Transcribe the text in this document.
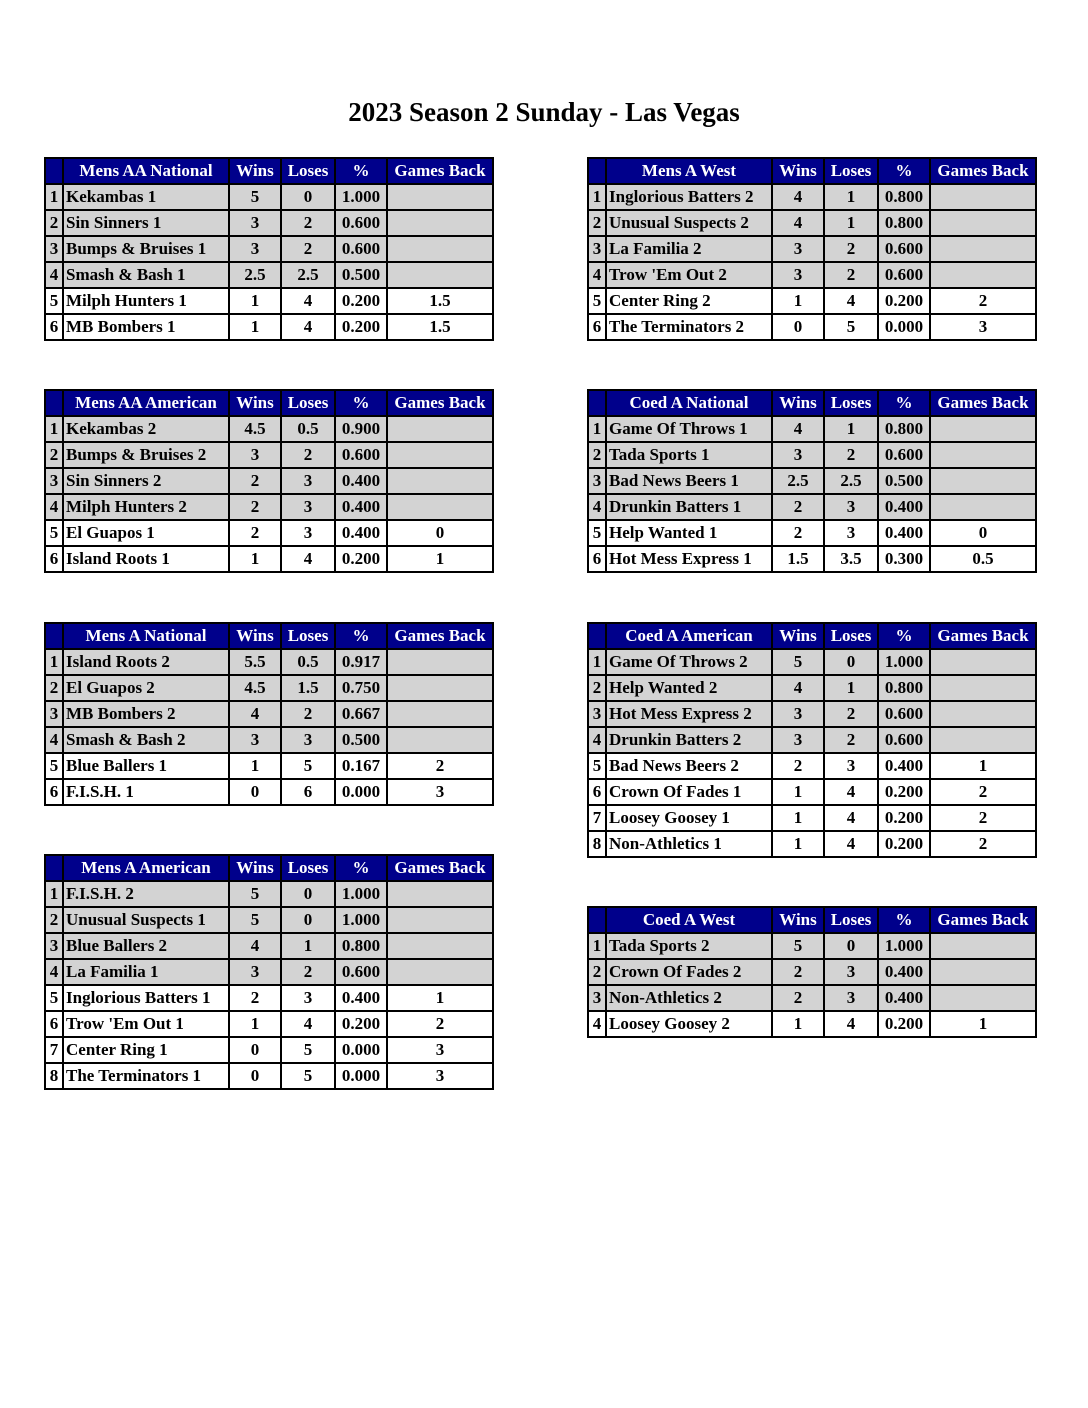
2023 Season 2 Sunday - Las Vegas
	Mens AA National	Wins	Loses	%	Games Back
1	Kekambas 1	5	0	1.000	
2	Sin Sinners 1	3	2	0.600	
3	Bumps & Bruises 1	3	2	0.600	
4	Smash & Bash 1	2.5	2.5	0.500	
5	Milph Hunters 1	1	4	0.200	1.5
6	MB Bombers 1	1	4	0.200	1.5
	Mens A West	Wins	Loses	%	Games Back
1	Inglorious Batters 2	4	1	0.800	
2	Unusual Suspects 2	4	1	0.800	
3	La Familia 2	3	2	0.600	
4	Trow 'Em Out 2	3	2	0.600	
5	Center Ring 2	1	4	0.200	2
6	The Terminators 2	0	5	0.000	3
	Mens AA American	Wins	Loses	%	Games Back
1	Kekambas 2	4.5	0.5	0.900	
2	Bumps & Bruises 2	3	2	0.600	
3	Sin Sinners 2	2	3	0.400	
4	Milph Hunters 2	2	3	0.400	
5	El Guapos 1	2	3	0.400	0
6	Island Roots 1	1	4	0.200	1
	Coed A National	Wins	Loses	%	Games Back
1	Game Of Throws 1	4	1	0.800	
2	Tada Sports 1	3	2	0.600	
3	Bad News Beers 1	2.5	2.5	0.500	
4	Drunkin Batters 1	2	3	0.400	
5	Help Wanted 1	2	3	0.400	0
6	Hot Mess Express 1	1.5	3.5	0.300	0.5
	Mens A National	Wins	Loses	%	Games Back
1	Island Roots 2	5.5	0.5	0.917	
2	El Guapos 2	4.5	1.5	0.750	
3	MB Bombers 2	4	2	0.667	
4	Smash & Bash 2	3	3	0.500	
5	Blue Ballers 1	1	5	0.167	2
6	F.I.S.H. 1	0	6	0.000	3
	Coed A American	Wins	Loses	%	Games Back
1	Game Of Throws 2	5	0	1.000	
2	Help Wanted 2	4	1	0.800	
3	Hot Mess Express 2	3	2	0.600	
4	Drunkin Batters 2	3	2	0.600	
5	Bad News Beers 2	2	3	0.400	1
6	Crown Of Fades 1	1	4	0.200	2
7	Loosey Goosey 1	1	4	0.200	2
8	Non-Athletics 1	1	4	0.200	2
	Mens A American	Wins	Loses	%	Games Back
1	F.I.S.H. 2	5	0	1.000	
2	Unusual Suspects 1	5	0	1.000	
3	Blue Ballers 2	4	1	0.800	
4	La Familia 1	3	2	0.600	
5	Inglorious Batters 1	2	3	0.400	1
6	Trow 'Em Out 1	1	4	0.200	2
7	Center Ring 1	0	5	0.000	3
8	The Terminators 1	0	5	0.000	3
	Coed A West	Wins	Loses	%	Games Back
1	Tada Sports 2	5	0	1.000	
2	Crown Of Fades 2	2	3	0.400	
3	Non-Athletics 2	2	3	0.400	
4	Loosey Goosey 2	1	4	0.200	1
